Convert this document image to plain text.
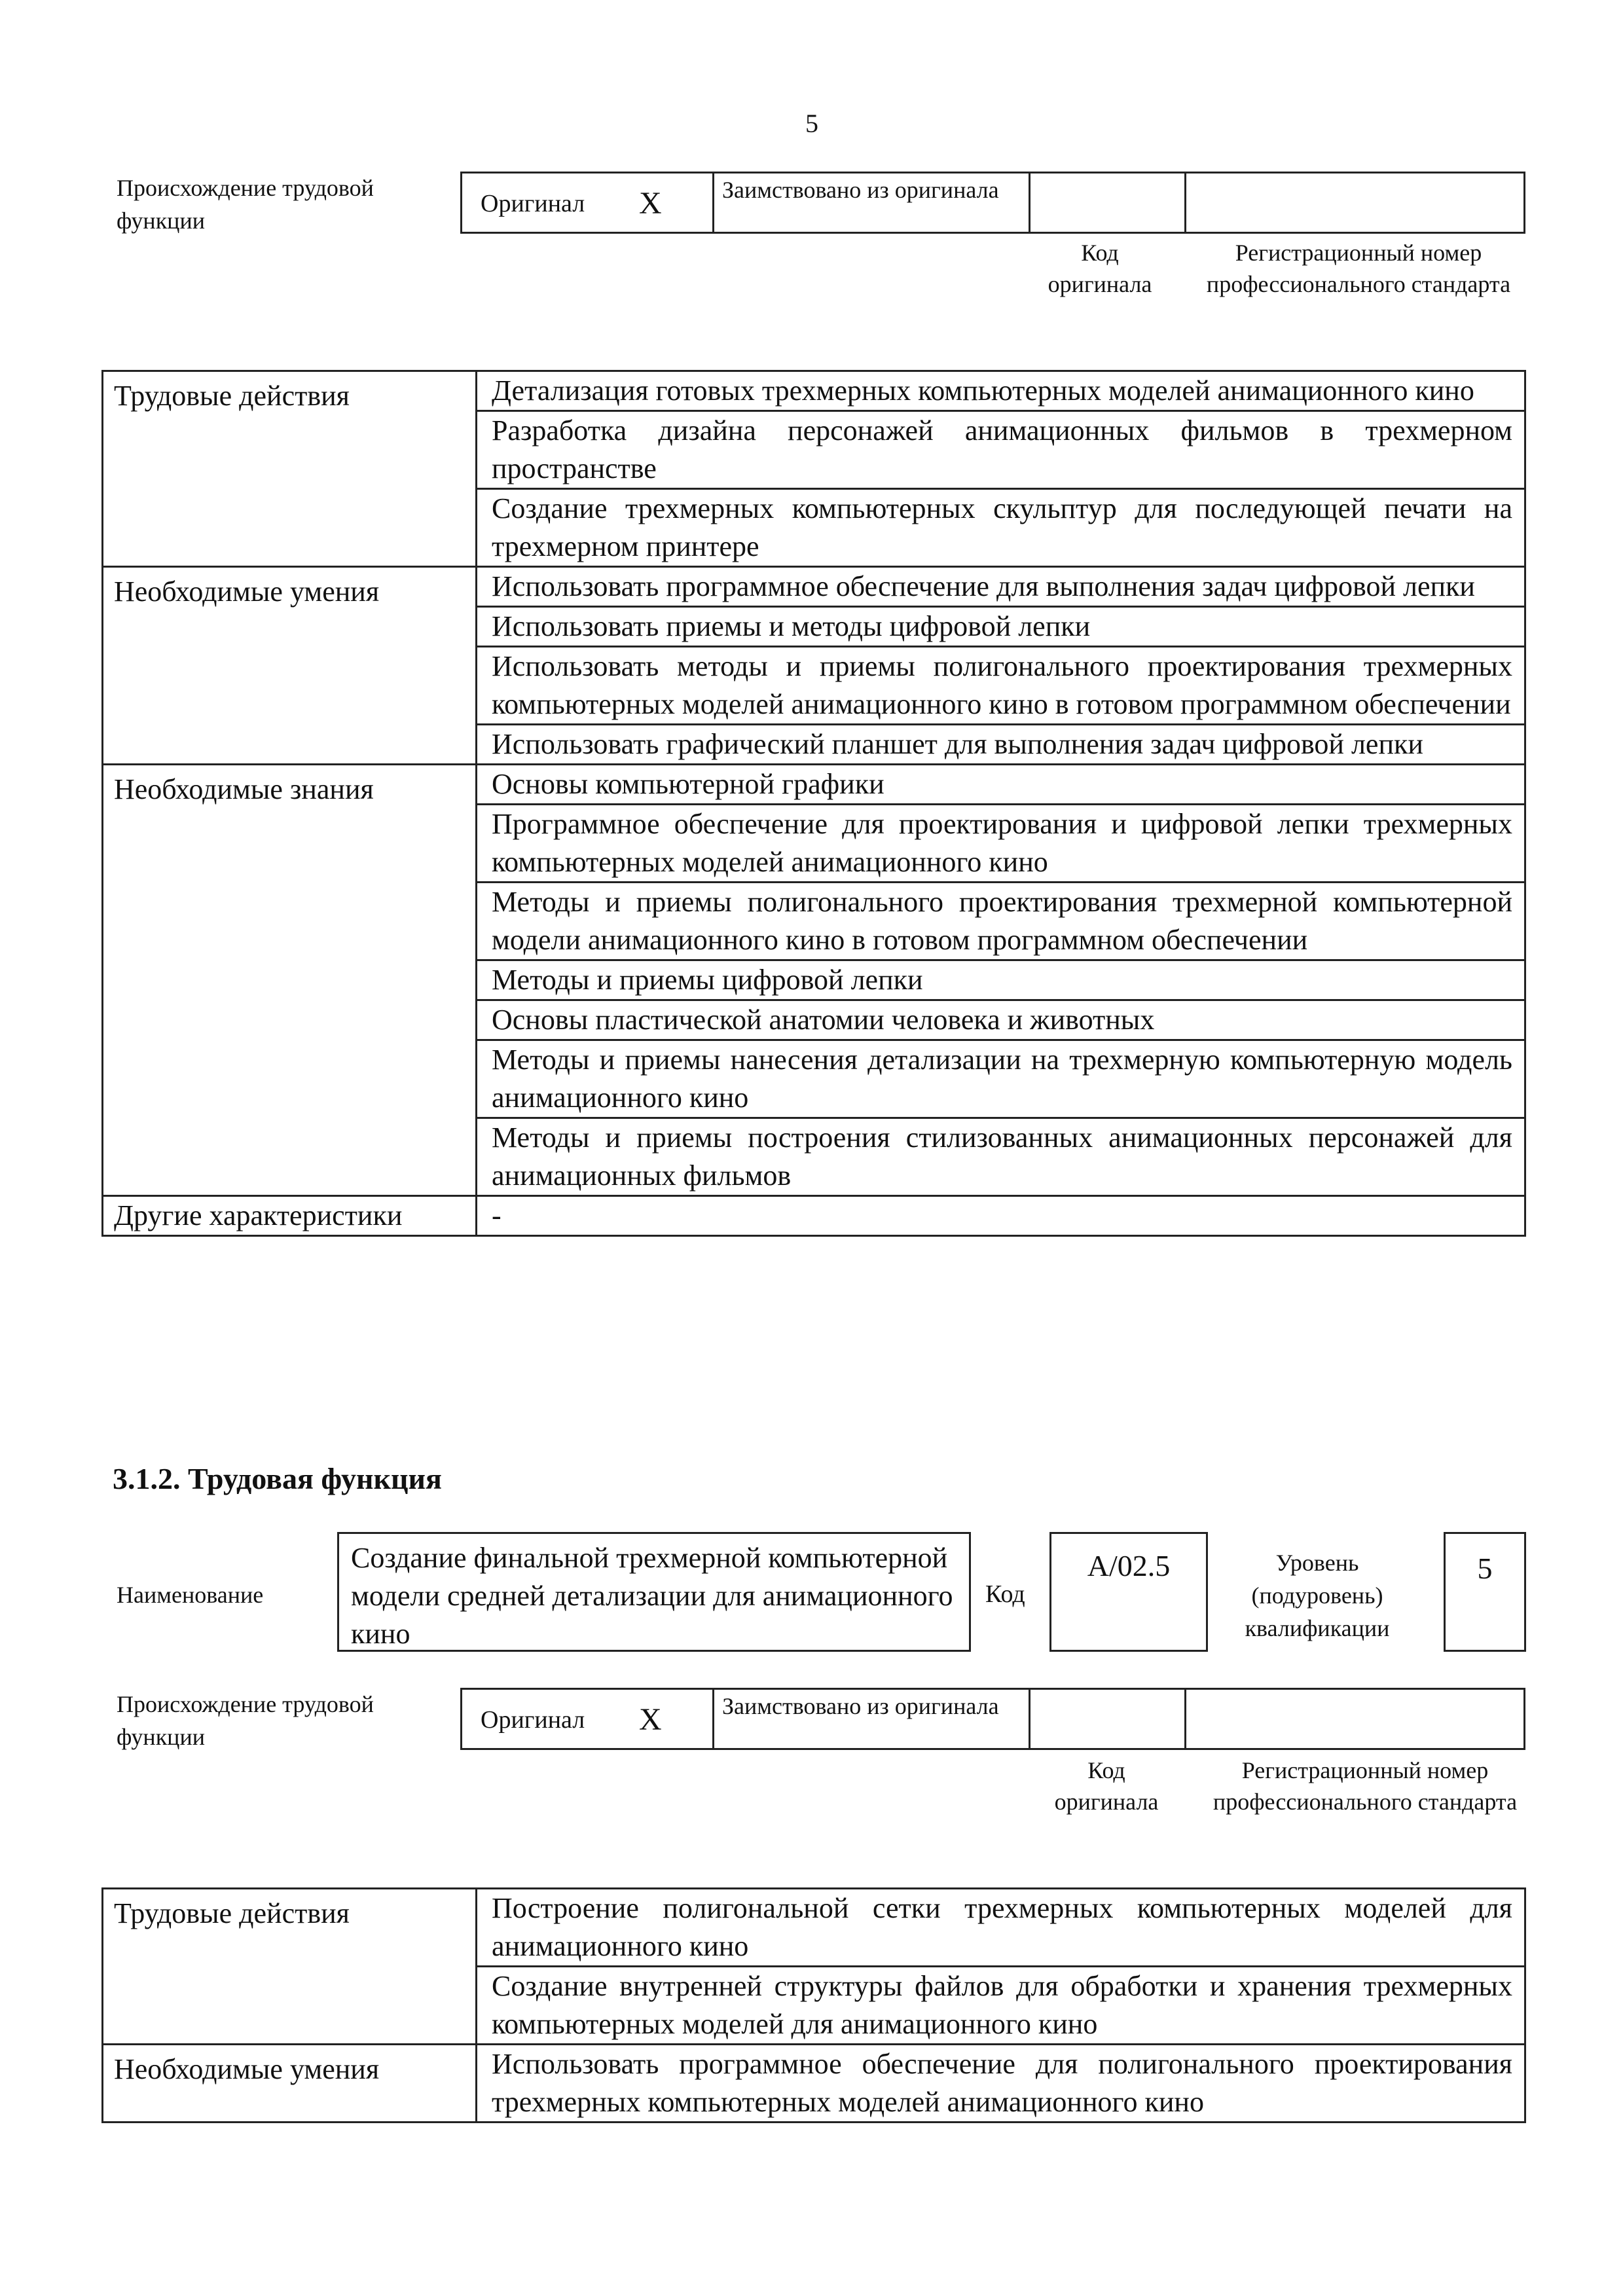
5
Происхождение трудовой функции
Оригинал X	Заимствовано из оригинала
Код оригинала
Регистрационный номер профессионального стандарта
Трудовые действия	Детализация готовых трехмерных компьютерных моделей анимационного кино

	Разработка дизайна персонажей анимационных фильмов в трехмерном пространстве

	Создание трехмерных компьютерных скульптур для последующей печати на трехмерном принтере

Необходимые умения	Использовать программное обеспечение для выполнения задач цифровой лепки

	Использовать приемы и методы цифровой лепки

	Использовать методы и приемы полигонального проектирования трехмерных компьютерных моделей анимационного кино в готовом программном обеспечении

	Использовать графический планшет для выполнения задач цифровой лепки

Необходимые знания	Основы компьютерной графики

	Программное обеспечение для проектирования и цифровой лепки трехмерных компьютерных моделей анимационного кино

	Методы и приемы полигонального проектирования трехмерной компьютерной модели анимационного кино в готовом программном обеспечении

	Методы и приемы цифровой лепки

	Основы пластической анатомии человека и животных

	Методы и приемы нанесения детализации на трехмерную компьютерную модель анимационного кино

	Методы и приемы построения стилизованных анимационных персонажей для анимационных фильмов

Другие характеристики	-
3.1.2. Трудовая функция
Наименование
Создание финальной трехмерной компьютерной модели средней детализации для анимационного кино
Код
A/02.5	Уровень (подуровень) квалификации
5
Происхождение трудовой функции
Оригинал X	Заимствовано из оригинала
Код оригинала
Регистрационный номер профессионального стандарта
Трудовые действия	Построение полигональной сетки трехмерных компьютерных моделей для анимационного кино

	Создание внутренней структуры файлов для обработки и хранения трехмерных компьютерных моделей для анимационного кино

Необходимые умения	Использовать программное обеспечение для полигонального проектирования трехмерных компьютерных моделей анимационного кино
